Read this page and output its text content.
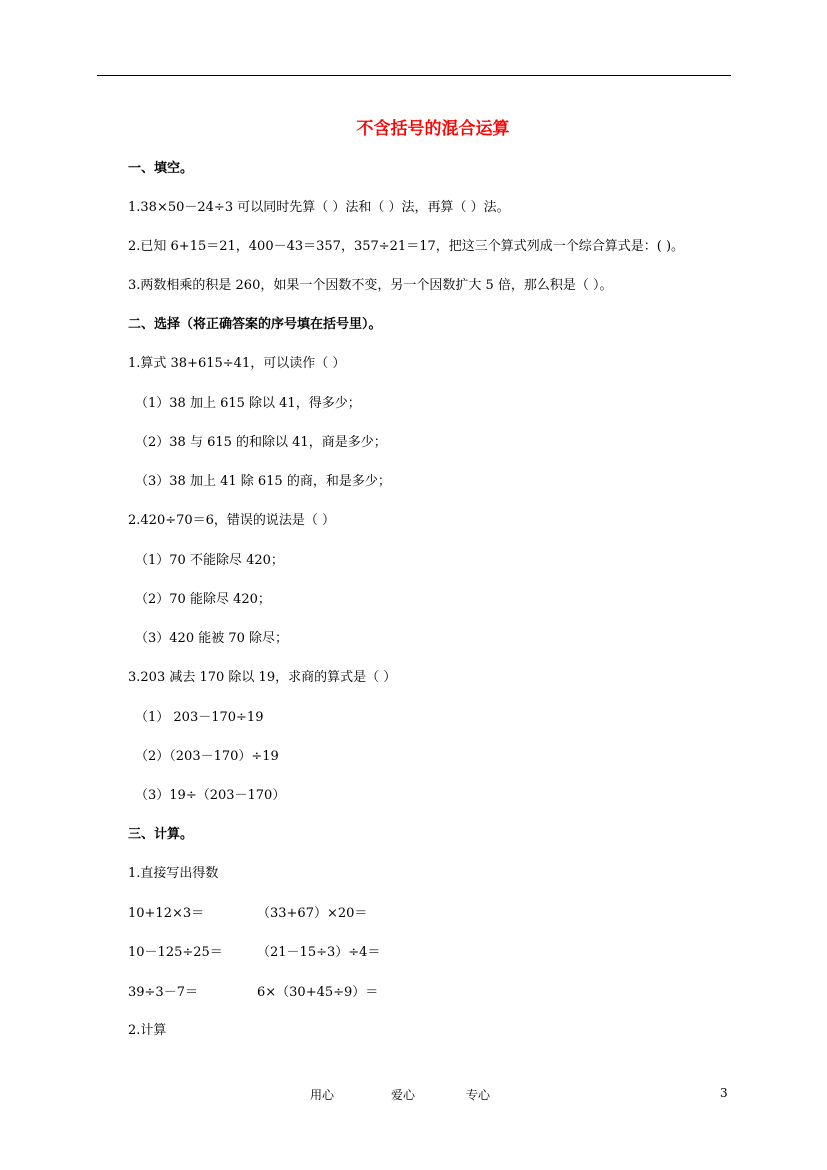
不含括号的混合运算
一、填空。
1.38×50－24÷3 可以同时先算（ ）法和（ ）法，再算（ ）法。
2.已知 6+15＝21，400－43＝357，357÷21＝17，把这三个算式列成一个综合算式是：( )。
3.两数相乘的积是 260，如果一个因数不变，另一个因数扩大 5 倍，那么积是（ ）。
二、选择（将正确答案的序号填在括号里）。
1.算式 38+615÷41，可以读作（ ）
（1）38 加上 615 除以 41，得多少；
（2）38 与 615 的和除以 41，商是多少；
（3）38 加上 41 除 615 的商，和是多少；
2.420÷70＝6，错误的说法是（ ）
（1）70 不能除尽 420；
（2）70 能除尽 420；
（3）420 能被 70 除尽；
3.203 减去 170 除以 19，求商的算式是（ ）
（1） 203－170÷19
（2）（203－170）÷19
（3）19÷（203－170）
三、计算。
1.直接写出得数
10+12×3＝	（33+67）×20＝
10－125÷25＝	（21－15÷3）÷4＝
39÷3－7＝	6×（30+45÷9）＝
2.计算
用心	爱心	专心	3
